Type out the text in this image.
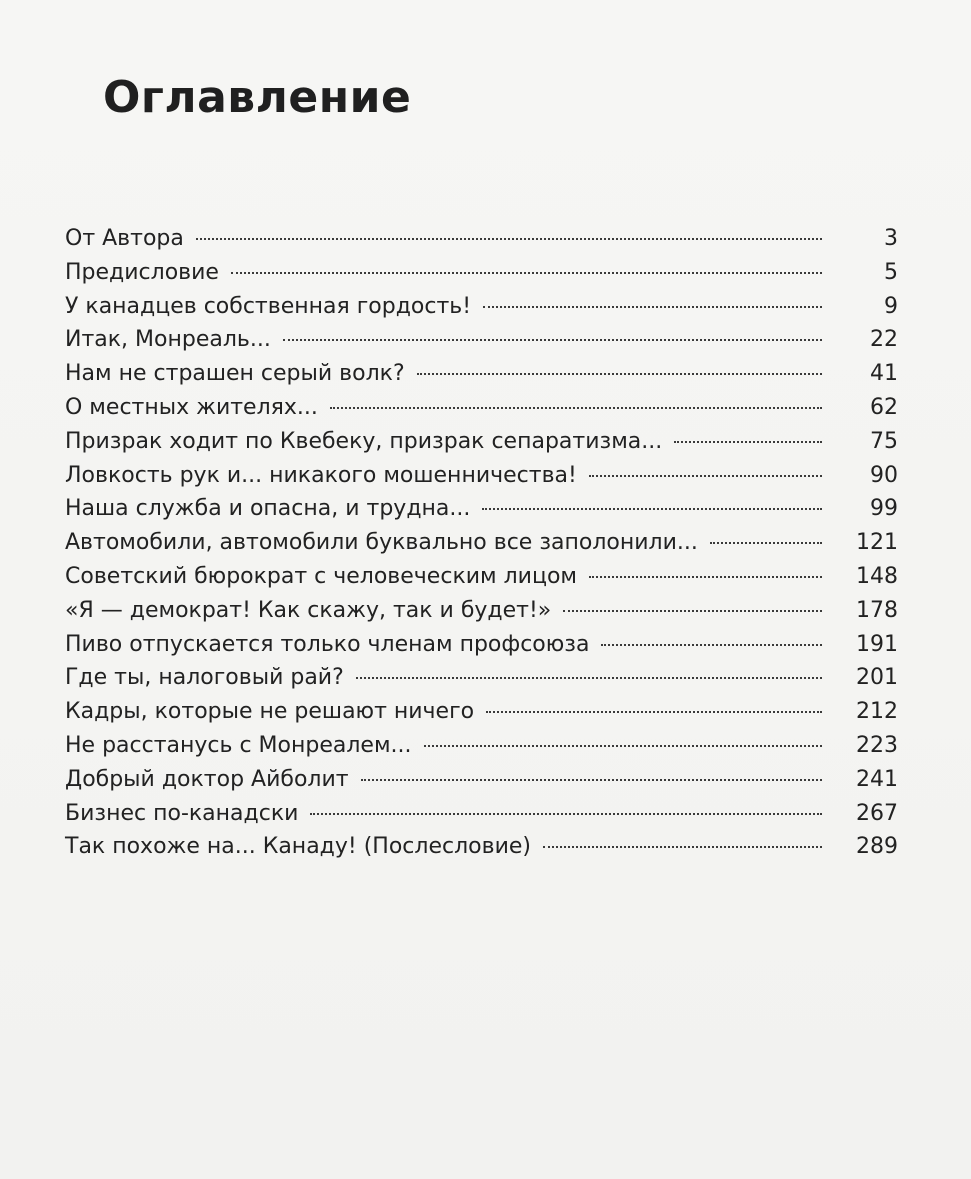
Оглавление
От Автора	3
Предисловие	5
У канадцев собственная гордость!	9
Итак, Монреаль...	22
Нам не страшен серый волк?	41
О местных жителях...	62
Призрак ходит по Квебеку, призрак сепаратизма...	75
Ловкость рук и... никакого мошенничества!	90
Наша служба и опасна, и трудна...	99
Автомобили, автомобили буквально все заполонили...	121
Советский бюрократ с человеческим лицом	148
«Я — демократ! Как скажу, так и будет!»	178
Пиво отпускается только членам профсоюза	191
Где ты, налоговый рай?	201
Кадры, которые не решают ничего	212
Не расстанусь с Монреалем...	223
Добрый доктор Айболит	241
Бизнес по-канадски	267
Так похоже на... Канаду! (Послесловие)	289
